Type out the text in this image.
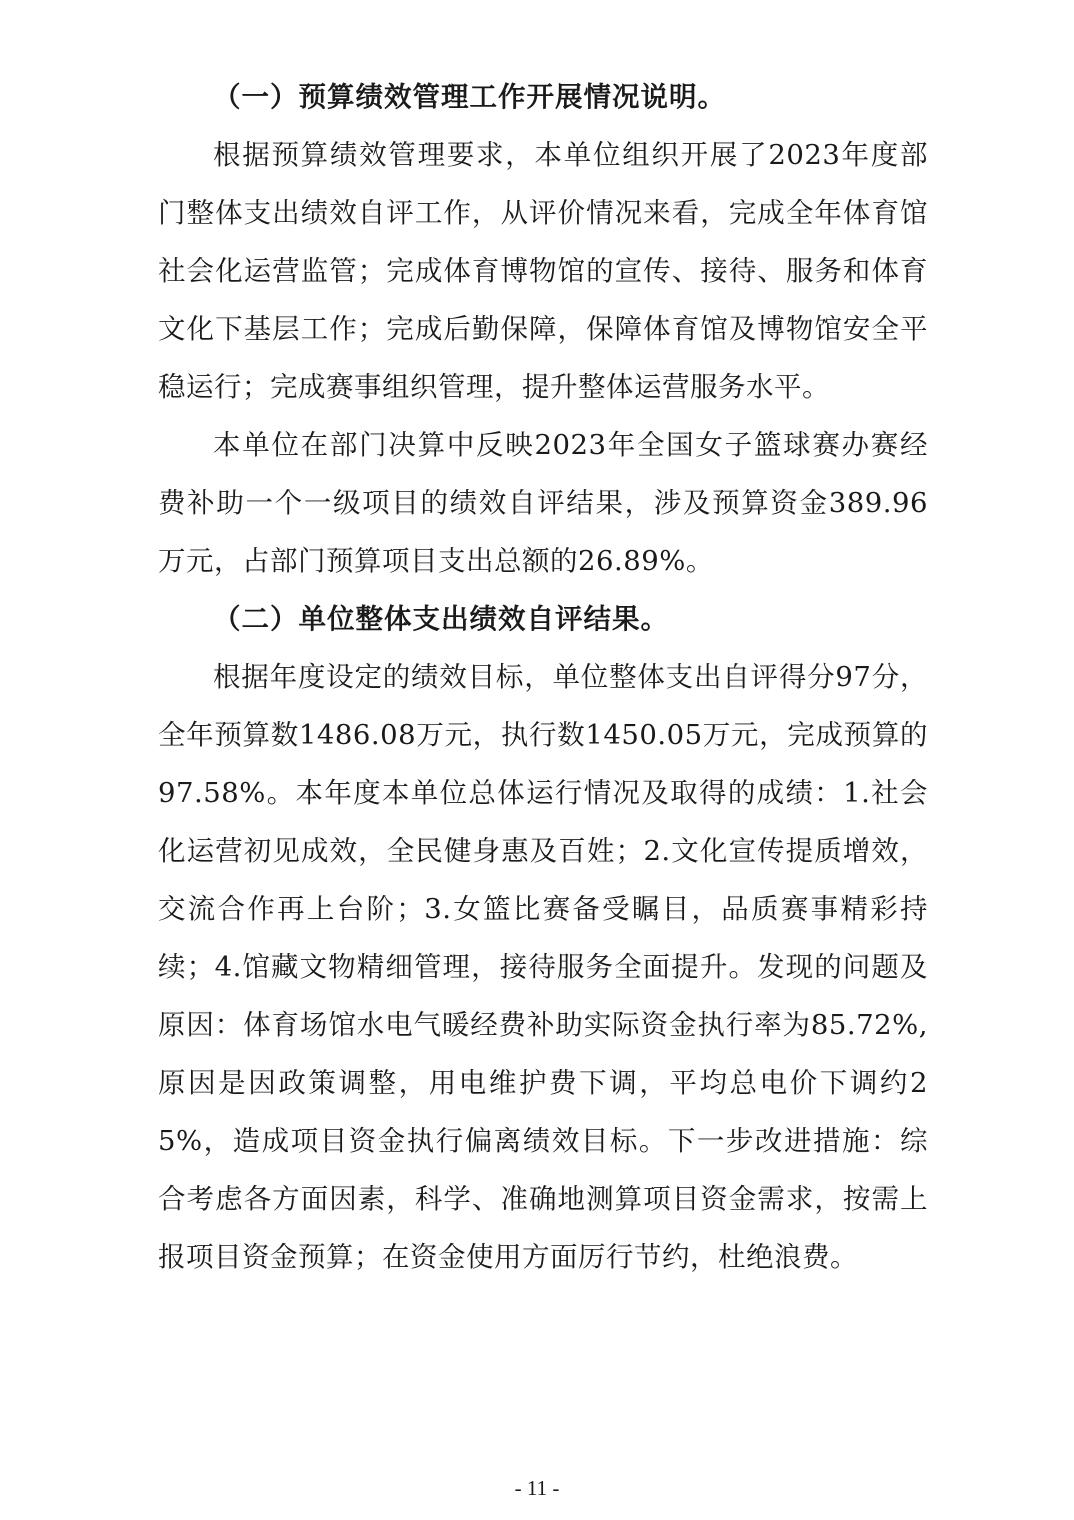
（一）预算绩效管理工作开展情况说明。

根据预算绩效管理要求，本单位组织开展了2023年度部门整体支出绩效自评工作，从评价情况来看，完成全年体育馆社会化运营监管；完成体育博物馆的宣传、接待、服务和体育文化下基层工作；完成后勤保障，保障体育馆及博物馆安全平稳运行；完成赛事组织管理，提升整体运营服务水平。

本单位在部门决算中反映2023年全国女子篮球赛办赛经费补助一个一级项目的绩效自评结果，涉及预算资金389.96万元，占部门预算项目支出总额的26.89%。

（二）单位整体支出绩效自评结果。

根据年度设定的绩效目标，单位整体支出自评得分97分，全年预算数1486.08万元，执行数1450.05万元，完成预算的97.58%。本年度本单位总体运行情况及取得的成绩：1.社会化运营初见成效，全民健身惠及百姓；2.文化宣传提质增效，交流合作再上台阶；3.女篮比赛备受瞩目，品质赛事精彩持续；4.馆藏文物精细管理，接待服务全面提升。发现的问题及原因：体育场馆水电气暖经费补助实际资金执行率为85.72%,原因是因政策调整，用电维护费下调，平均总电价下调约25%，造成项目资金执行偏离绩效目标。下一步改进措施：综合考虑各方面因素，科学、准确地测算项目资金需求，按需上报项目资金预算；在资金使用方面厉行节约，杜绝浪费。

- 11 -
